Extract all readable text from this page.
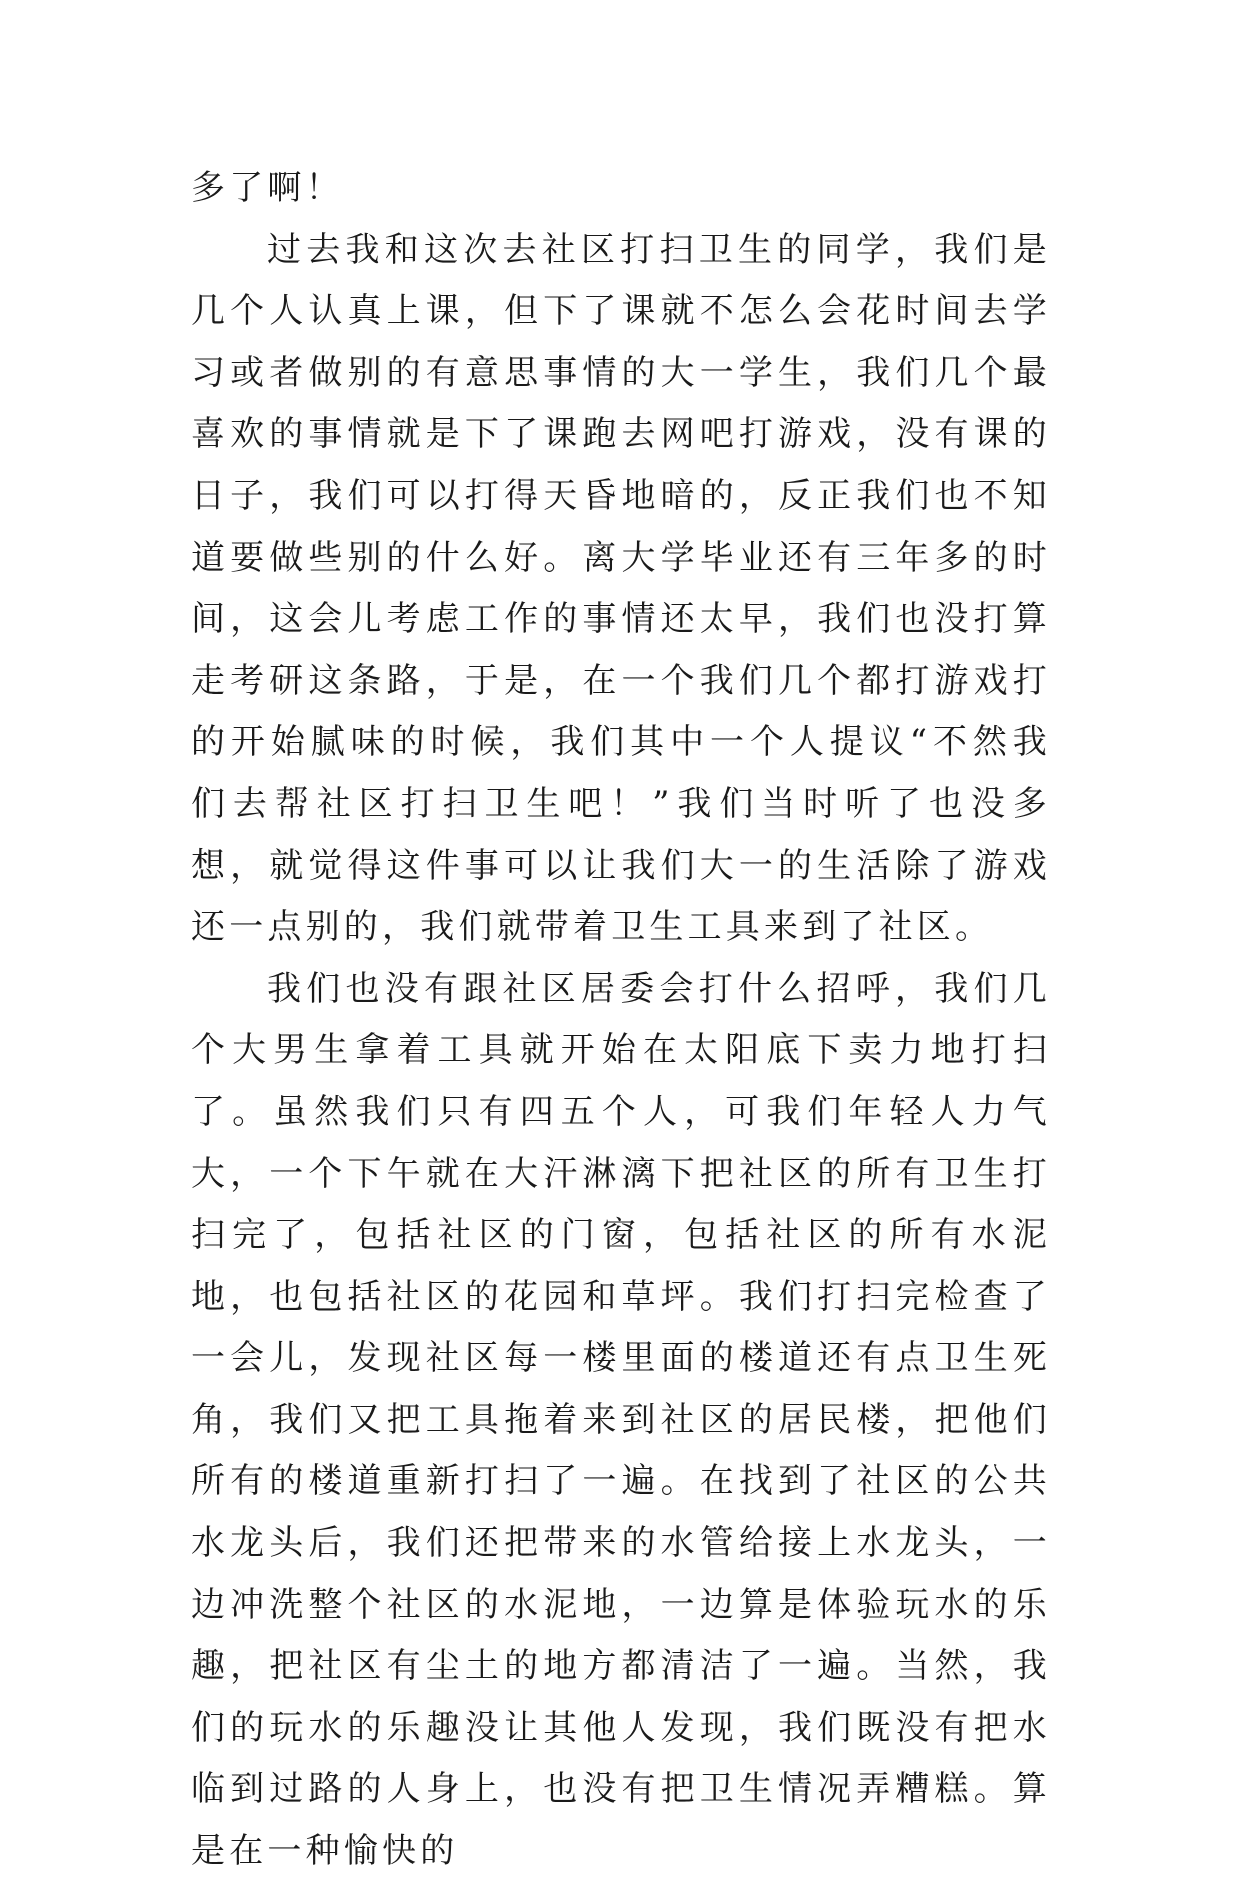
多了啊！

过去我和这次去社区打扫卫生的同学，我们是几个人认真上课，但下了课就不怎么会花时间去学习或者做别的有意思事情的大一学生，我们几个最喜欢的事情就是下了课跑去网吧打游戏，没有课的日子，我们可以打得天昏地暗的，反正我们也不知道要做些别的什么好。离大学毕业还有三年多的时间，这会儿考虑工作的事情还太早，我们也没打算走考研这条路，于是，在一个我们几个都打游戏打的开始腻味的时候，我们其中一个人提议“不然我们去帮社区打扫卫生吧！”我们当时听了也没多想，就觉得这件事可以让我们大一的生活除了游戏还一点别的，我们就带着卫生工具来到了社区。

我们也没有跟社区居委会打什么招呼，我们几个大男生拿着工具就开始在太阳底下卖力地打扫了。虽然我们只有四五个人，可我们年轻人力气大，一个下午就在大汗淋漓下把社区的所有卫生打扫完了，包括社区的门窗，包括社区的所有水泥地，也包括社区的花园和草坪。我们打扫完检查了一会儿，发现社区每一楼里面的楼道还有点卫生死角，我们又把工具拖着来到社区的居民楼，把他们所有的楼道重新打扫了一遍。在找到了社区的公共水龙头后，我们还把带来的水管给接上水龙头，一边冲洗整个社区的水泥地，一边算是体验玩水的乐趣，把社区有尘土的地方都清洁了一遍。当然，我们的玩水的乐趣没让其他人发现，我们既没有把水临到过路的人身上，也没有把卫生情况弄糟糕。算是在一种愉快的
